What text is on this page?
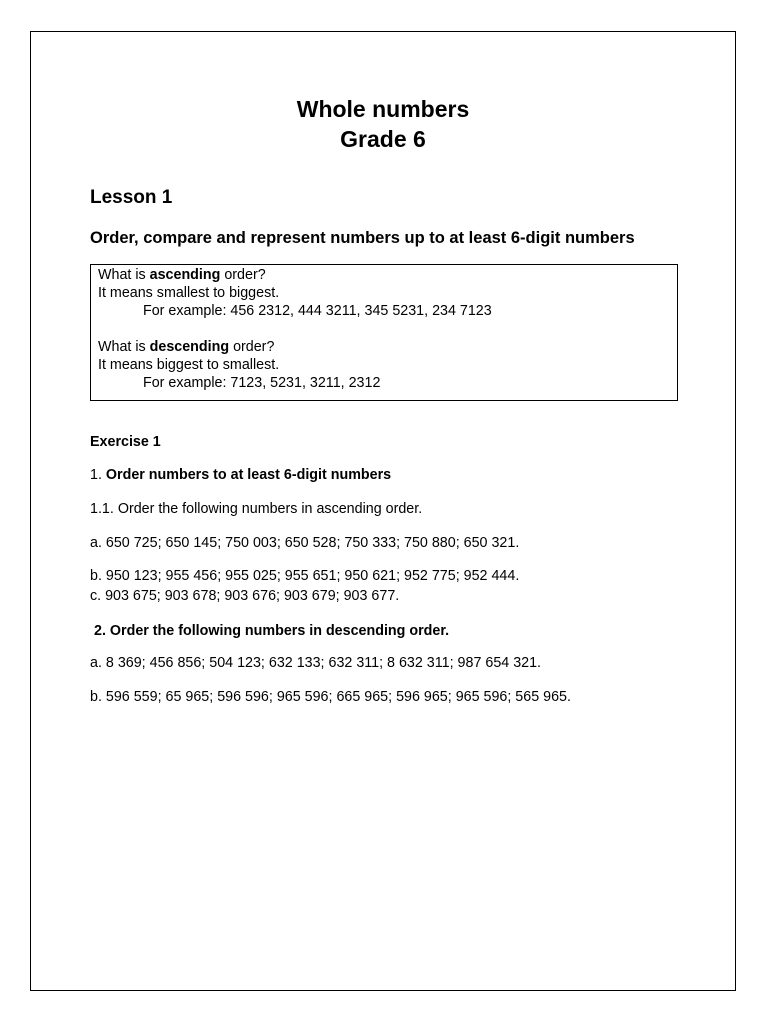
Whole numbers
Grade 6
Lesson 1
Order, compare and represent numbers up to at least 6-digit numbers
What is ascending order?
It means smallest to biggest.
For example: 456 2312, 444 3211, 345 5231, 234 7123
What is descending order?
It means biggest to smallest.
For example: 7123, 5231, 3211, 2312
Exercise 1
1. Order numbers to at least 6-digit numbers
1.1. Order the following numbers in ascending order.
a. 650 725; 650 145; 750 003; 650 528; 750 333; 750 880; 650 321.
b. 950 123; 955 456; 955 025; 955 651; 950 621; 952 775; 952 444.
c. 903 675; 903 678; 903 676; 903 679; 903 677.
2. Order the following numbers in descending order.
a. 8 369; 456 856; 504 123; 632 133; 632 311; 8 632 311; 987 654 321.
b. 596 559; 65 965; 596 596; 965 596; 665 965; 596 965; 965 596; 565 965.
